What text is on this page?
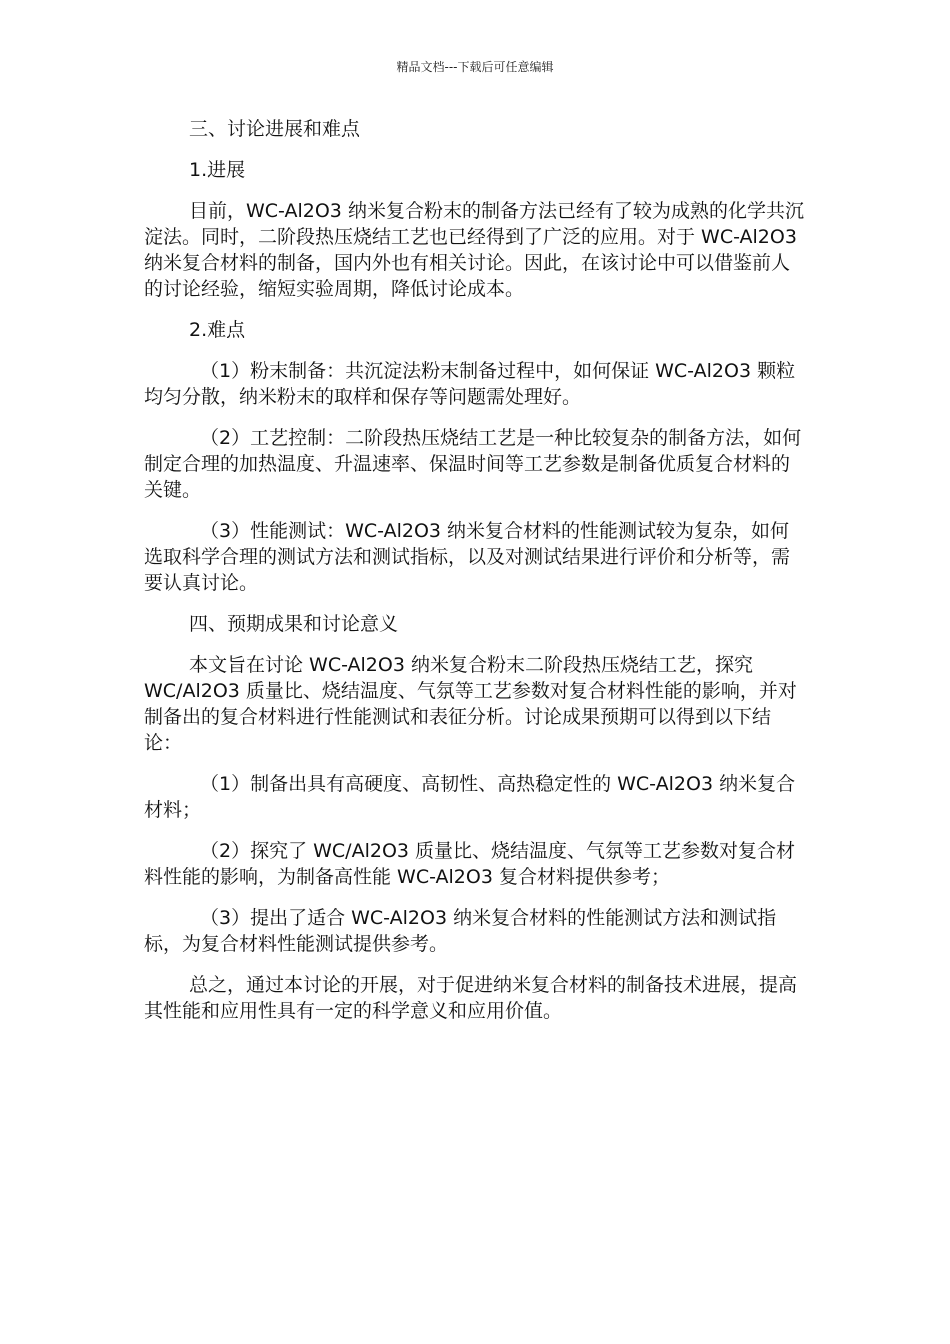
精品文档---下载后可任意编辑

三、讨论进展和难点

1.进展

目前，WC-Al2O3 纳米复合粉末的制备方法已经有了较为成熟的化学共沉淀法。同时，二阶段热压烧结工艺也已经得到了广泛的应用。对于 WC-Al2O3 纳米复合材料的制备，国内外也有相关讨论。因此，在该讨论中可以借鉴前人的讨论经验，缩短实验周期，降低讨论成本。

2.难点

（1）粉末制备：共沉淀法粉末制备过程中，如何保证 WC-Al2O3 颗粒均匀分散，纳米粉末的取样和保存等问题需处理好。

（2）工艺控制：二阶段热压烧结工艺是一种比较复杂的制备方法，如何制定合理的加热温度、升温速率、保温时间等工艺参数是制备优质复合材料的关键。

（3）性能测试：WC-Al2O3 纳米复合材料的性能测试较为复杂，如何选取科学合理的测试方法和测试指标，以及对测试结果进行评价和分析等，需要认真讨论。

四、预期成果和讨论意义

本文旨在讨论 WC-Al2O3 纳米复合粉末二阶段热压烧结工艺，探究 WC/Al2O3 质量比、烧结温度、气氛等工艺参数对复合材料性能的影响，并对制备出的复合材料进行性能测试和表征分析。讨论成果预期可以得到以下结论：

（1）制备出具有高硬度、高韧性、高热稳定性的 WC-Al2O3 纳米复合材料；

（2）探究了 WC/Al2O3 质量比、烧结温度、气氛等工艺参数对复合材料性能的影响，为制备高性能 WC-Al2O3 复合材料提供参考；

（3）提出了适合 WC-Al2O3 纳米复合材料的性能测试方法和测试指标，为复合材料性能测试提供参考。

总之，通过本讨论的开展，对于促进纳米复合材料的制备技术进展，提高其性能和应用性具有一定的科学意义和应用价值。
